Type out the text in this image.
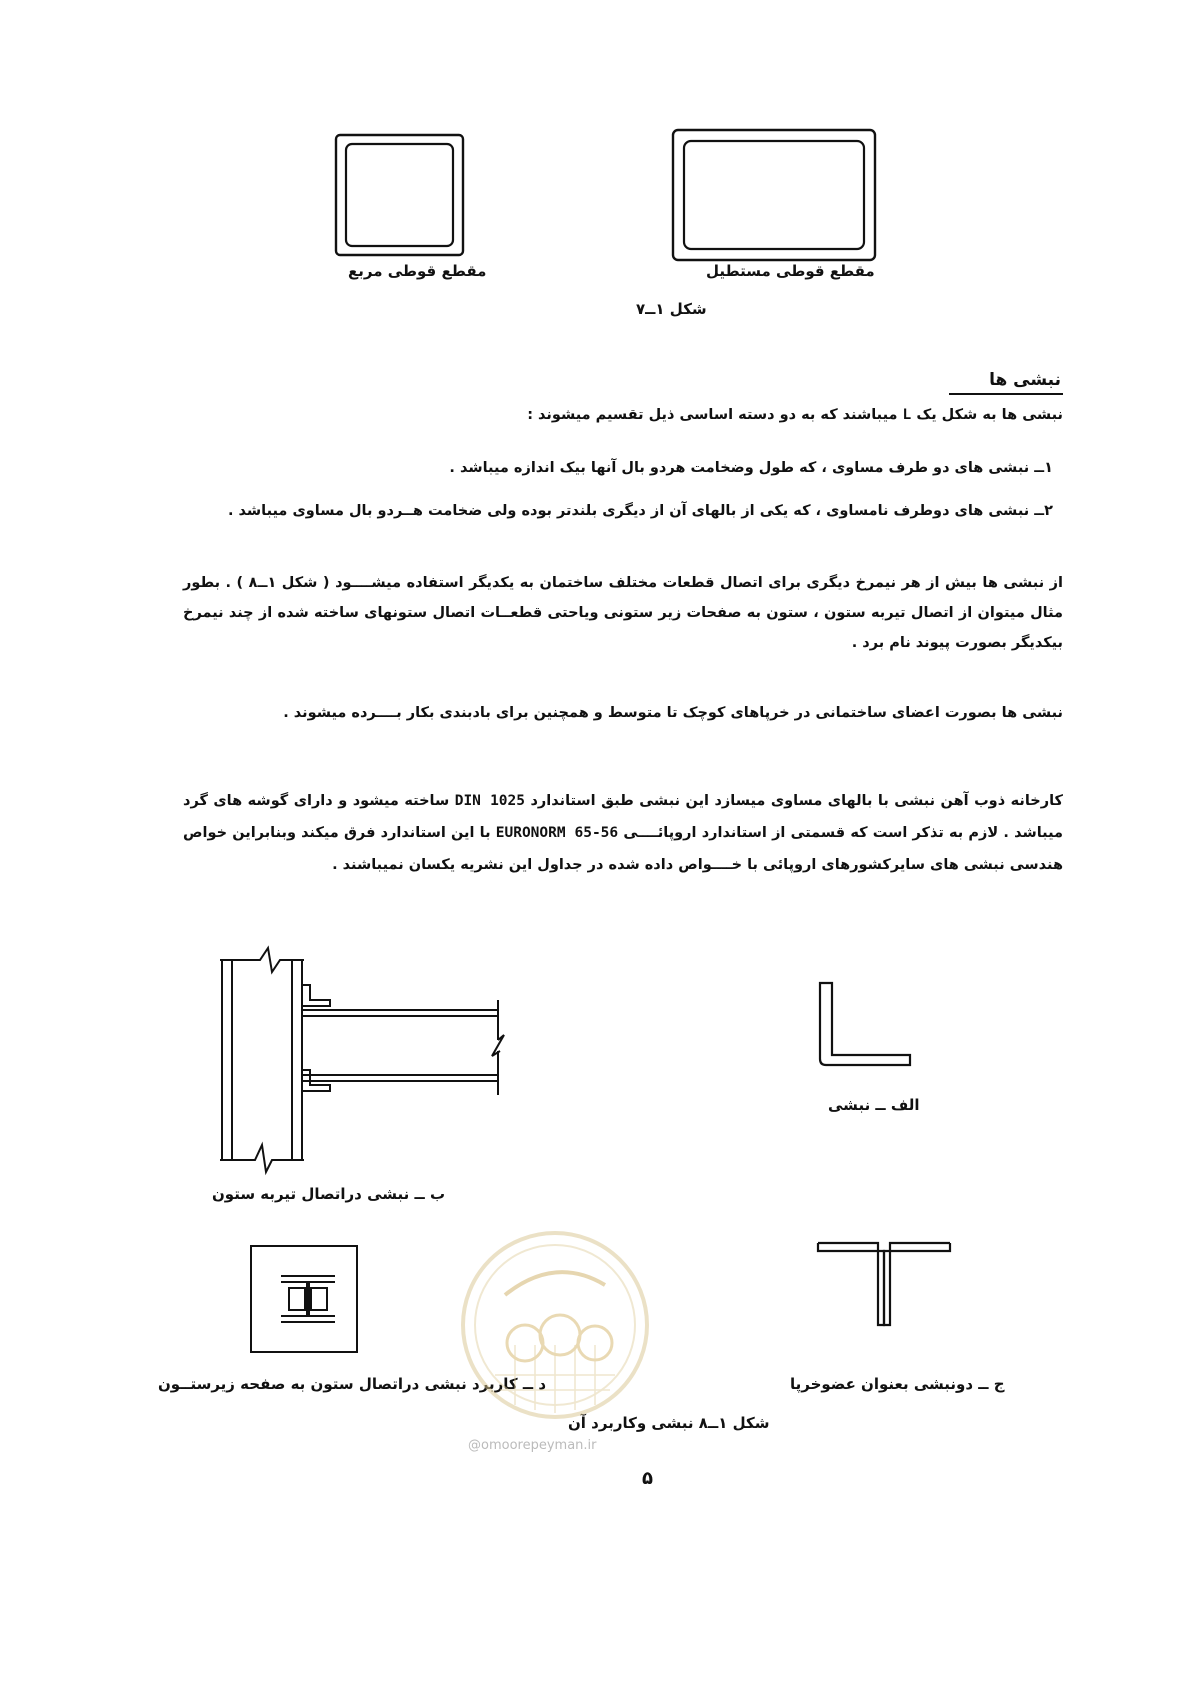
مقطع قوطی مربع	مقطع قوطی مستطیل
شکل ۱ــ۷
نبشی ها
نبشی ها به شکل یک L میباشند که به دو دسته اساسی ذیل تقسیم میشوند :
۱ــ نبشی های دو طرف مساوی ، که طول وضخامت هردو بال آنها بیک اندازه میباشد .
۲ــ نبشی های دوطرف نامساوی ، که یکی از بالهای آن از دیگری بلندتر بوده ولی ضخامت هــردو بال مساوی میباشد .
از نبشی ها بیش از هر نیمرخ دیگری برای اتصال قطعات مختلف ساختمان به یکدیگر استفاده میشــــود ( شکل ۱ــ۸ ) . بطور مثال میتوان از اتصال تیربه ستون ، ستون به صفحات زیر ستونی ویاحتی قطعــات اتصال ستونهای ساخته شده از چند نیمرخ بیکدیگر بصورت پیوند نام برد .
نبشی ها بصورت اعضای ساختمانی در خرپاهای کوچک تا متوسط و همچنین برای بادبندی بکار بــــرده میشوند .
کارخانه ذوب آهن نبشی با بالهای مساوی میسازد این نبشی طبق استاندارد DIN 1025 ساخته میشود و دارای گوشه های گرد میباشد . لازم به تذکر است که قسمتی از استاندارد اروپائــــی EURONORM 65-56 با این استاندارد فرق میکند وبنابراین خواص هندسی نبشی های سایرکشورهای اروپائی با خــــواص داده شده در جداول این نشریه یکسان نمیباشند .
ب ــ نبشی دراتصال تیربه ستون
الف ــ نبشی
د ــ کاربرد نبشی دراتصال ستون به صفحه زیرستــون	ج ــ دونبشی بعنوان عضوخرپا
شکل ۱ــ۸ نبشی وکاربرد آن
@omoorepeyman.ir
۵
